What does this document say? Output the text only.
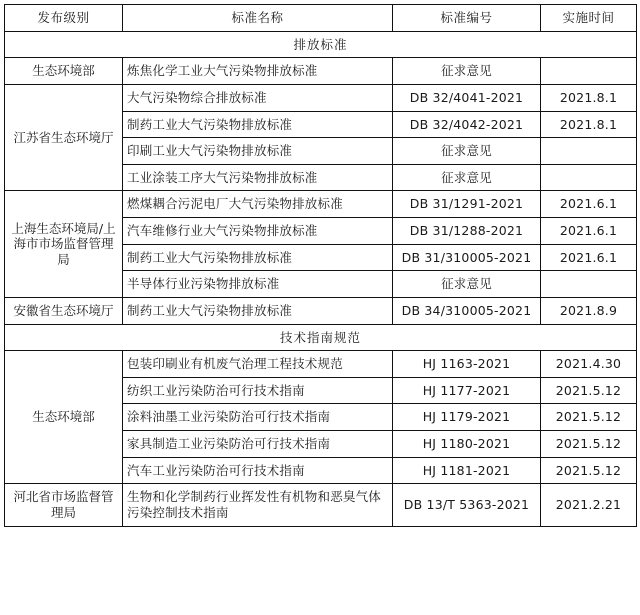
发布级别	标准名称	标准编号	实施时间
排放标准			
生态环境部	炼焦化学工业大气污染物排放标准	征求意见	
江苏省生态环境厅	大气污染物综合排放标准	DB 32/4041-2021	2021.8.1
	制药工业大气污染物排放标准	DB 32/4042-2021	2021.8.1
	印刷工业大气污染物排放标准	征求意见	
	工业涂装工序大气污染物排放标准	征求意见	
上海生态环境局/上海市市场监督管理局	燃煤耦合污泥电厂大气污染物排放标准	DB 31/1291-2021	2021.6.1
	汽车维修行业大气污染物排放标准	DB 31/1288-2021	2021.6.1
	制药工业大气污染物排放标准	DB 31/310005-2021	2021.6.1
	半导体行业污染物排放标准	征求意见	
安徽省生态环境厅	制药工业大气污染物排放标准	DB 34/310005-2021	2021.8.9
技术指南规范			
生态环境部	包装印刷业有机废气治理工程技术规范	HJ 1163-2021	2021.4.30
	纺织工业污染防治可行技术指南	HJ 1177-2021	2021.5.12
	涂料油墨工业污染防治可行技术指南	HJ 1179-2021	2021.5.12
	家具制造工业污染防治可行技术指南	HJ 1180-2021	2021.5.12
	汽车工业污染防治可行技术指南	HJ 1181-2021	2021.5.12
河北省市场监督管理局	生物和化学制药行业挥发性有机物和恶臭气体污染控制技术指南	DB 13/T 5363-2021	2021.2.21
